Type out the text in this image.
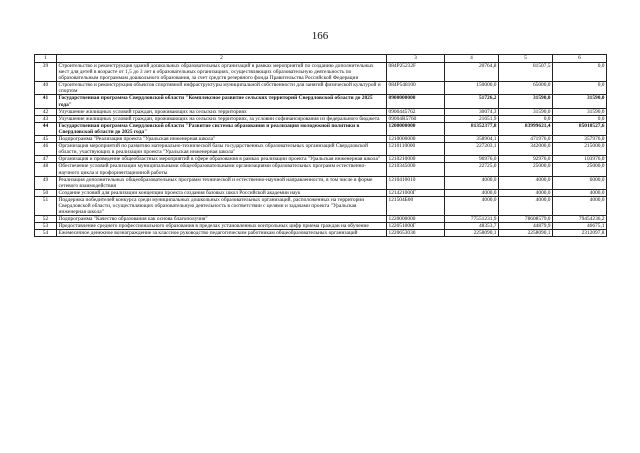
166
1	2	3	4	5	6
39	Строительство и реконструкция зданий дошкольных образовательных организаций в рамках мероприятий по созданию дополнительных мест для детей в возрасте от 1,5 до 3 лет в образовательных организациях, осуществляющих образовательную деятельность по образовательным программам дошкольного образования, за счет средств резервного фонда Правительства Российской Федерации	084P25232F	20764,8	81507,5	0,0
40	Строительство и реконструкция объектов спортивной инфраструктуры муниципальной собственности для занятий физической культурой и спортом	084P548100	150000,0	65000,0	0,0
41	Государственная программа Свердловской области "Комплексное развитие сельских территорий Свердловской области до 2025 года"	0900000000	51726,2	31590,0	31590,0
42	Улучшение жилищных условий граждан, проживающих на сельских территориях	0900445762	30074,3	31590,0	31590,0
43	Улучшение жилищных условий граждан, проживающих на сельских территориях, за условии софинансирования из федерального бюджета	09004R5760	21651,9	0,0	0,0
44	Государственная программа Свердловской области "Развитие системы образования и реализация молодежной политики в Свердловской области до 2025 года"	1200000000	81352377,8	83999621,4	85010527,6
45	Подпрограмма "Реализация проекта "Уральская инженерная школа"	1210000000	358904,1	471976,0	357976,0
46	Организация мероприятий по развитию материально-технической базы государственных образовательных организаций Свердловской области, участвующих в реализации проекта "Уральская инженерная школа"	1210110000	227203,1	342000,0	215000,0
47	Организация и проведение общеобластных мероприятий в сфере образования в рамках реализации проекта "Уральская инженерная школа"	1210210000	96976,0	92976,0	103976,0
48	Обеспечение условий реализации муниципальными общеобразовательными организациями образовательных программ естественно-научного цикла и профориентационной работы	1210345000	22725,0	25000,0	25000,0
49	Реализация дополнительных общеобразовательных программ технической и естественно-научной направленности, в том числе в форме сетевого взаимодействия	1210410010	4000,0	4000,0	6000,0
50	Создание условий для реализации концепции проекта создания базовых школ Российской академии наук	121421000Г	4000,0	4000,0	4000,0
51	Поддержка победителей конкурса среди муниципальных дошкольных образовательных организаций, расположенных на территории Свердловской области, осуществляющих образовательную деятельность в соответствии с целями и задачами проекта "Уральская инженерная школа"	121504Б00	4000,0	4000,0	4000,0
52	Подпрограмма "Качество образования как основа благополучия"	1220000000	77551231,9	78608579,0	79454236,2
53	Предоставление среднего профессионального образования в пределах установленных контрольных цифр приема граждан на обучение	122051000Г	48353,7	44879,9	46675,1
54	Ежемесячное денежное вознаграждение за классное руководство педагогическим работникам общеобразовательных организаций	1220653030	2258090,1	2258090,1	2312097,8
